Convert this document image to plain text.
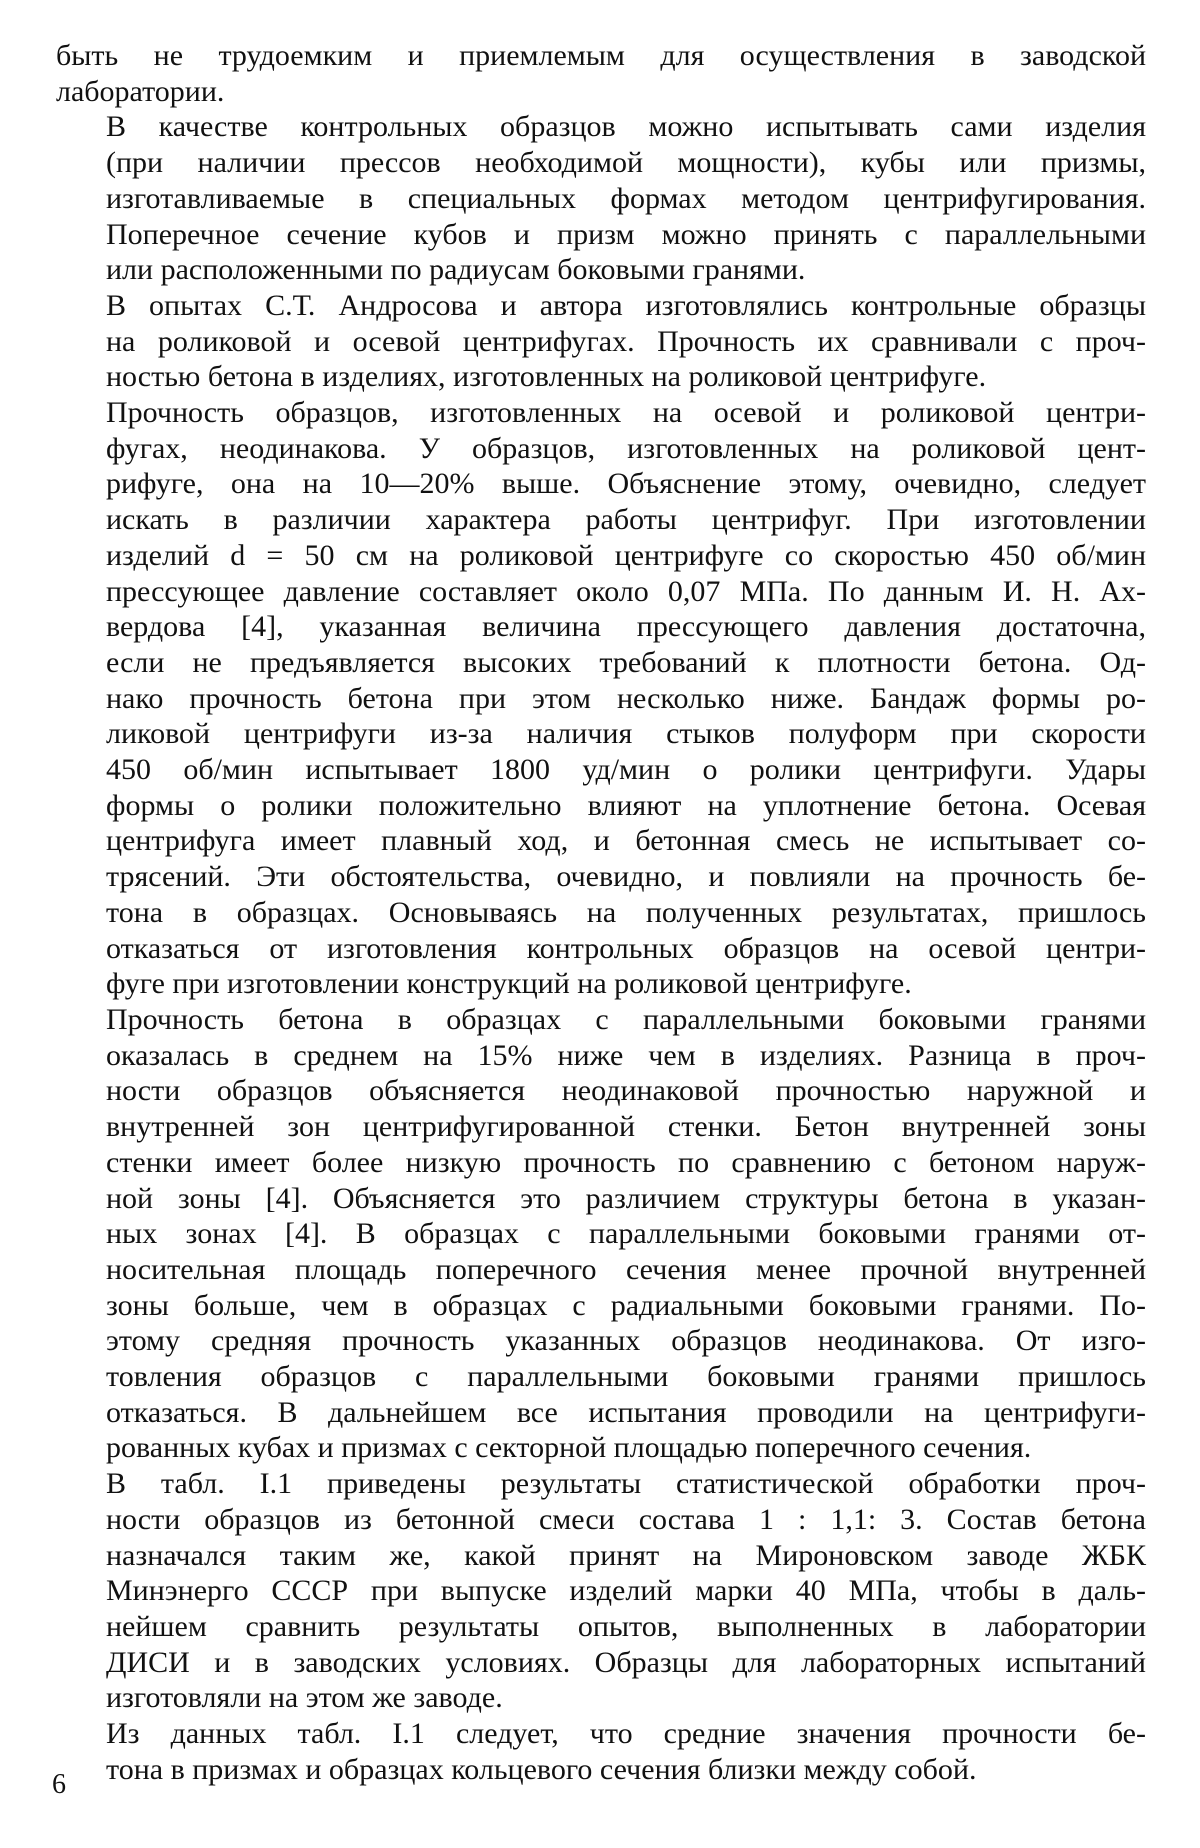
быть не трудоемким и приемлемым для осуществления в заводской
лаборатории.

В качестве контрольных образцов можно испытывать сами изделия
(при наличии прессов необходимой мощности), кубы или призмы,
изготавливаемые в специальных формах методом центрифугирования.
Поперечное сечение кубов и призм можно принять с параллельными
или расположенными по радиусам боковыми гранями.

В опытах С.Т. Андросова и автора изготовлялись контрольные образцы
на роликовой и осевой центрифугах. Прочность их сравнивали с проч-
ностью бетона в изделиях, изготовленных на роликовой центрифуге.

Прочность образцов, изготовленных на осевой и роликовой центри-
фугах, неодинакова. У образцов, изготовленных на роликовой цент-
рифуге, она на 10—20% выше. Объяснение этому, очевидно, следует
искать в различии характера работы центрифуг. При изготовлении
изделий d = 50 см на роликовой центрифуге со скоростью 450 об/мин
прессующее давление составляет около 0,07 МПа. По данным И. Н. Ах-
вердова [4], указанная величина прессующего давления достаточна,
если не предъявляется высоких требований к плотности бетона. Од-
нако прочность бетона при этом несколько ниже. Бандаж формы ро-
ликовой центрифуги из-за наличия стыков полуформ при скорости
450 об/мин испытывает 1800 уд/мин о ролики центрифуги. Удары
формы о ролики положительно влияют на уплотнение бетона. Осевая
центрифуга имеет плавный ход, и бетонная смесь не испытывает со-
трясений. Эти обстоятельства, очевидно, и повлияли на прочность бе-
тона в образцах. Основываясь на полученных результатах, пришлось
отказаться от изготовления контрольных образцов на осевой центри-
фуге при изготовлении конструкций на роликовой центрифуге.

Прочность бетона в образцах с параллельными боковыми гранями
оказалась в среднем на 15% ниже чем в изделиях. Разница в проч-
ности образцов объясняется неодинаковой прочностью наружной и
внутренней зон центрифугированной стенки. Бетон внутренней зоны
стенки имеет более низкую прочность по сравнению с бетоном наруж-
ной зоны [4]. Объясняется это различием структуры бетона в указан-
ных зонах [4]. В образцах с параллельными боковыми гранями от-
носительная площадь поперечного сечения менее прочной внутренней
зоны больше, чем в образцах с радиальными боковыми гранями. По-
этому средняя прочность указанных образцов неодинакова. От изго-
товления образцов с параллельными боковыми гранями пришлось
отказаться. В дальнейшем все испытания проводили на центрифуги-
рованных кубах и призмах с секторной площадью поперечного сечения.

В табл. I.1 приведены результаты статистической обработки проч-
ности образцов из бетонной смеси состава 1 : 1,1: 3. Состав бетона
назначался таким же, какой принят на Мироновском заводе ЖБК
Минэнерго СССР при выпуске изделий марки 40 МПа, чтобы в даль-
нейшем сравнить результаты опытов, выполненных в лаборатории
ДИСИ и в заводских условиях. Образцы для лабораторных испытаний
изготовляли на этом же заводе.

Из данных табл. I.1 следует, что средние значения прочности бе-
тона в призмах и образцах кольцевого сечения близки между собой.

6
